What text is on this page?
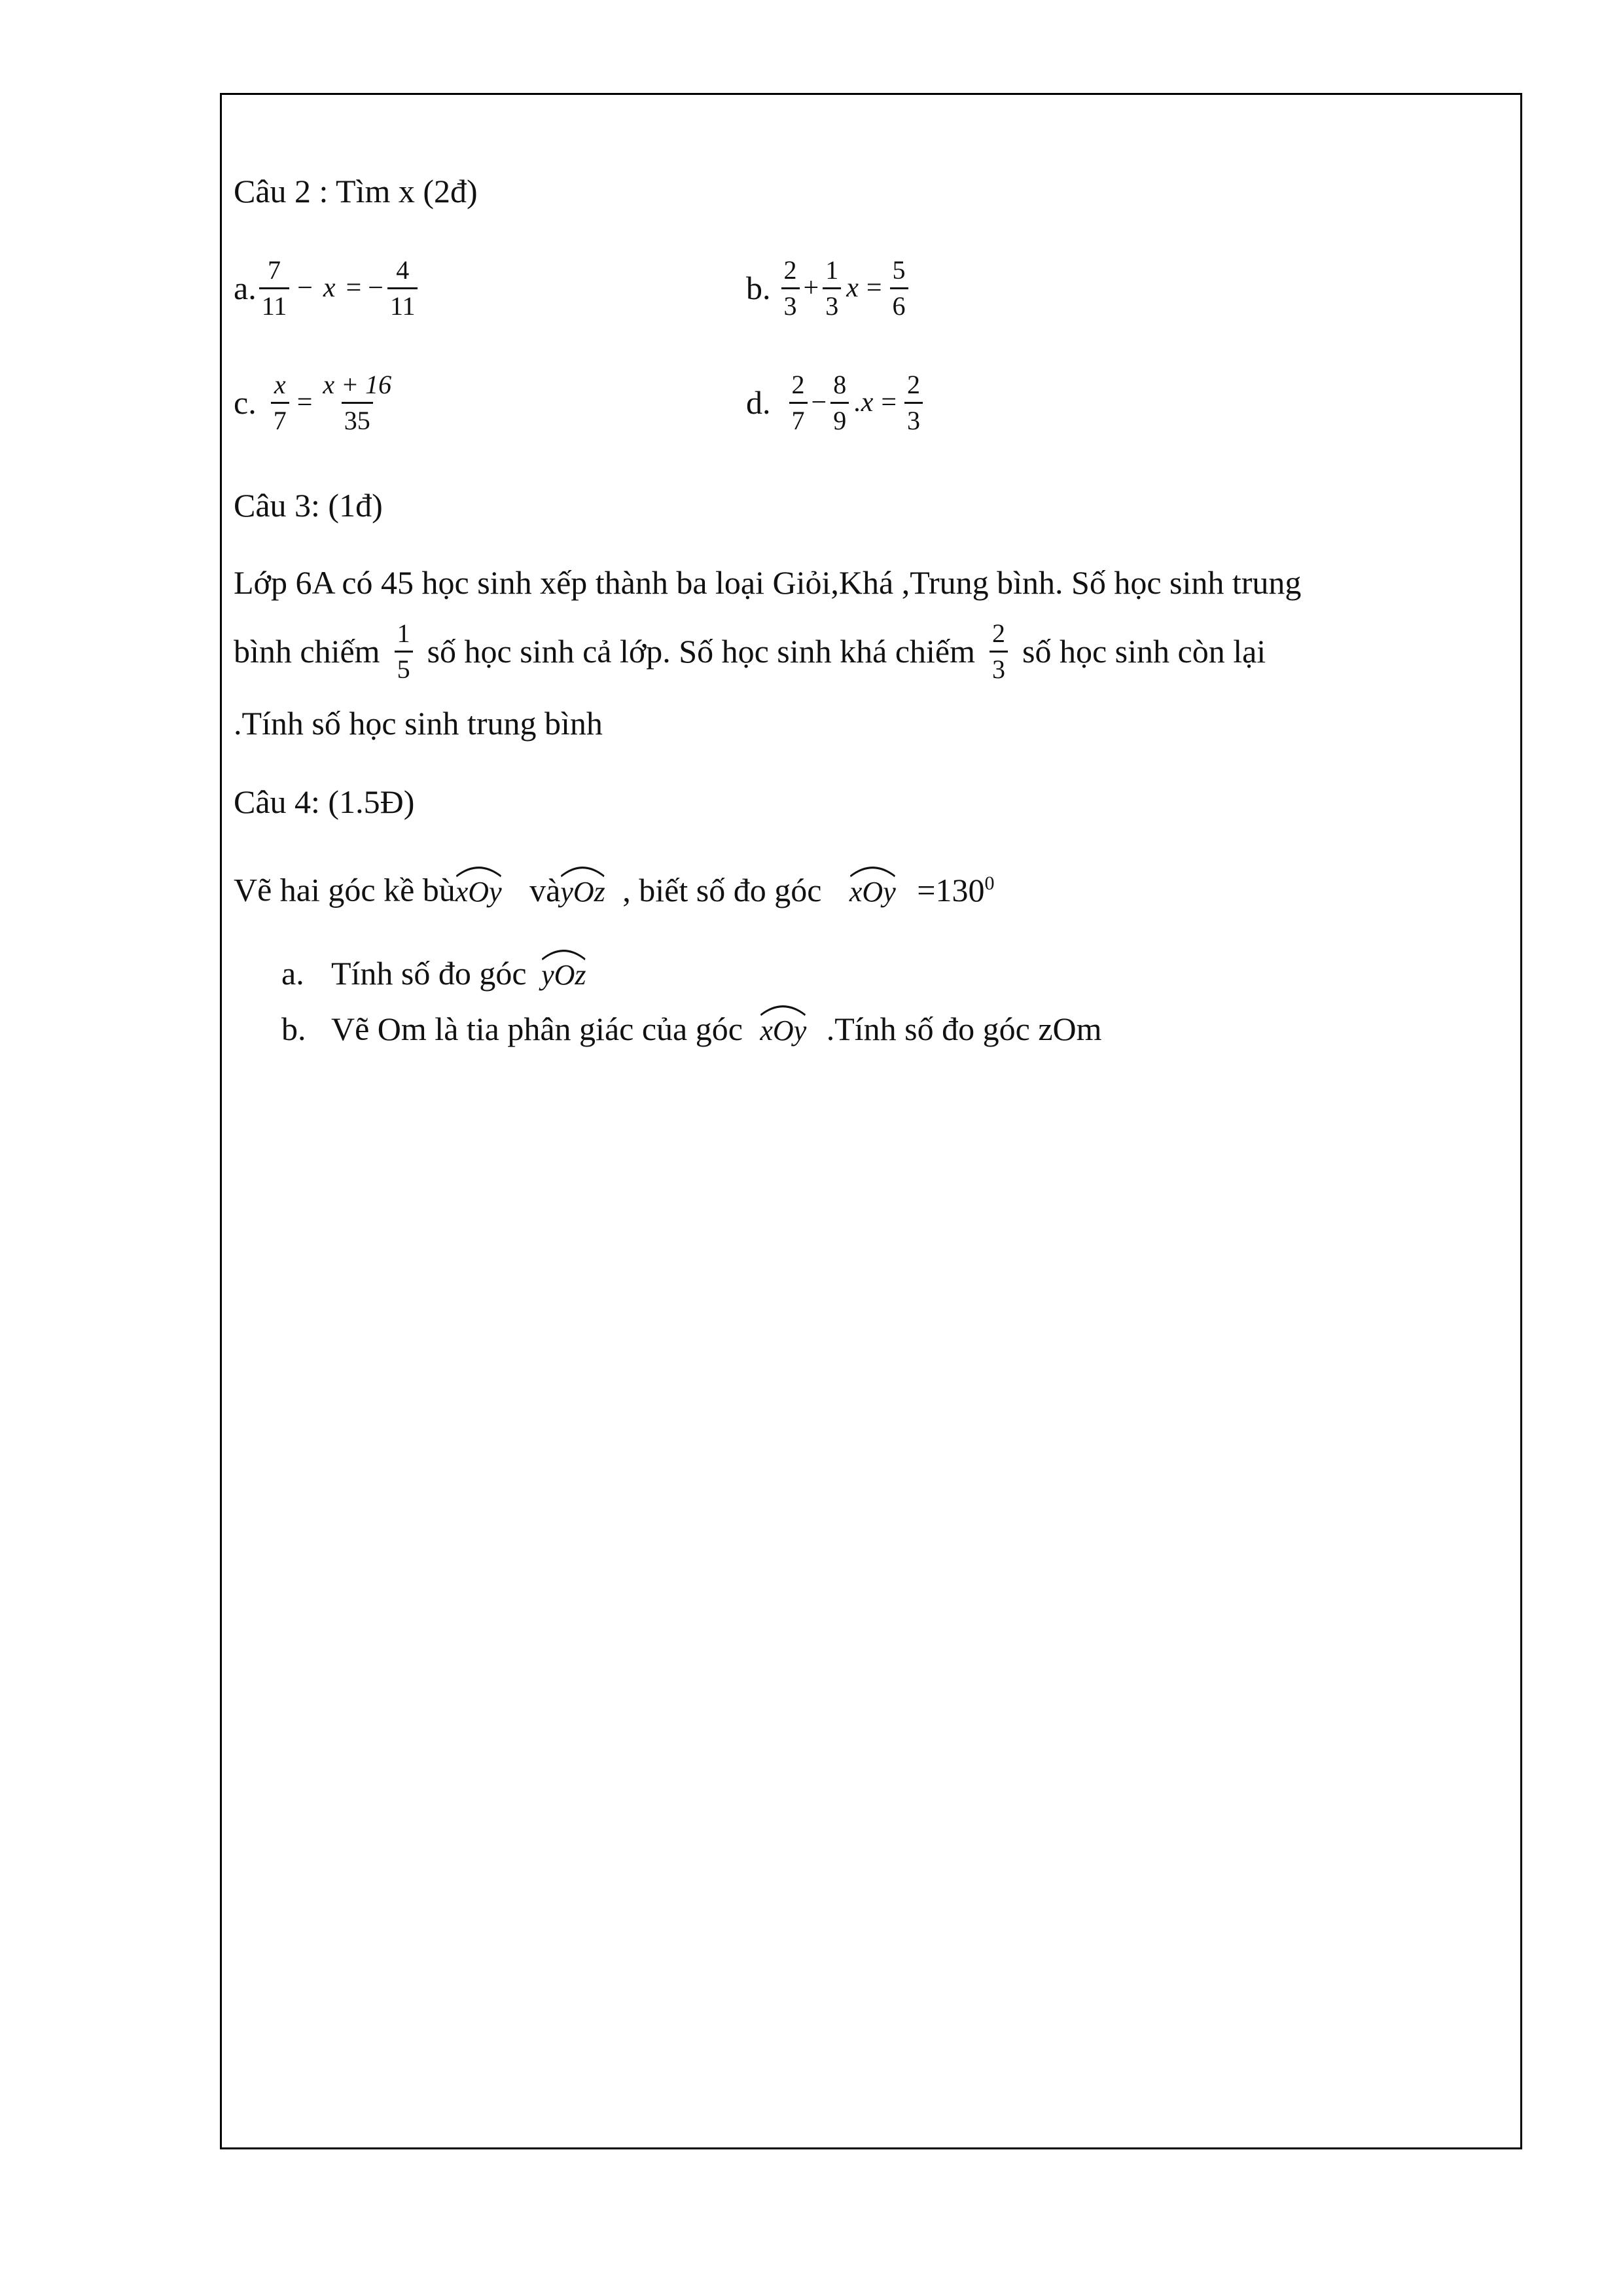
Câu 2 : Tìm x (2đ)
a. $\frac{7}{11} - x$ = − $\frac{4}{11}$	b. $\frac{2}{3} + \frac{1}{3}$ $x = \frac{5}{6}$
c. $\frac{x}{7} = \frac{x + 16}{35}$	d. $\frac{2}{7} - \frac{8}{9} .x = \frac{2}{3}$
Câu 3: (1đ)
Lớp 6A có 45 học sinh xếp thành ba loại Giỏi,Khá ,Trung bình. Số học sinh trung
bình chiếm $\frac{1}{5}$ số học sinh cả lớp. Số học sinh khá chiếm $\frac{2}{3}$ số học sinh còn lại
.Tính số học sinh trung bình
Câu 4: (1.5Đ)
Vẽ hai góc kề bù
xOy và
yOz , biết số đo góc xOy $=130^0$
a. Tính số đo góc yOz
b. Vẽ Om là tia phân giác của góc xOy .Tính số đo góc zOm
